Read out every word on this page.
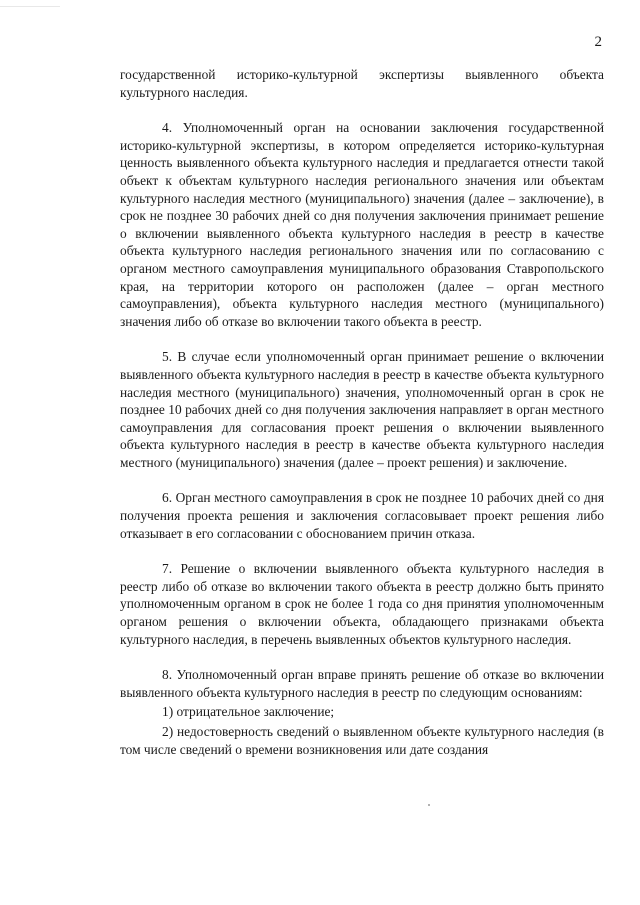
2

государственной историко-культурной экспертизы выявленного объекта культурного наследия.

4. Уполномоченный орган на основании заключения государственной историко-культурной экспертизы, в котором определяется историко-культурная ценность выявленного объекта культурного наследия и предлагается отнести такой объект к объектам культурного наследия регионального значения или объектам культурного наследия местного (муниципального) значения (далее – заключение), в срок не позднее 30 рабочих дней со дня получения заключения принимает решение о включении выявленного объекта культурного наследия в реестр в качестве объекта культурного наследия регионального значения или по согласованию с органом местного самоуправления муниципального образования Ставропольского края, на территории которого он расположен (далее – орган местного самоуправления), объекта культурного наследия местного (муниципального) значения либо об отказе во включении такого объекта в реестр.

5. В случае если уполномоченный орган принимает решение о включении выявленного объекта культурного наследия в реестр в качестве объекта культурного наследия местного (муниципального) значения, уполномоченный орган в срок не позднее 10 рабочих дней со дня получения заключения направляет в орган местного самоуправления для согласования проект решения о включении выявленного объекта культурного наследия в реестр в качестве объекта культурного наследия местного (муниципального) значения (далее – проект решения) и заключение.

6. Орган местного самоуправления в срок не позднее 10 рабочих дней со дня получения проекта решения и заключения согласовывает проект решения либо отказывает в его согласовании с обоснованием причин отказа.

7. Решение о включении выявленного объекта культурного наследия в реестр либо об отказе во включении такого объекта в реестр должно быть принято уполномоченным органом в срок не более 1 года со дня принятия уполномоченным органом решения о включении объекта, обладающего признаками объекта культурного наследия, в перечень выявленных объектов культурного наследия.

8. Уполномоченный орган вправе принять решение об отказе во включении выявленного объекта культурного наследия в реестр по следующим основаниям:

1) отрицательное заключение;

2) недостоверность сведений о выявленном объекте культурного наследия (в том числе сведений о времени возникновения или дате создания
